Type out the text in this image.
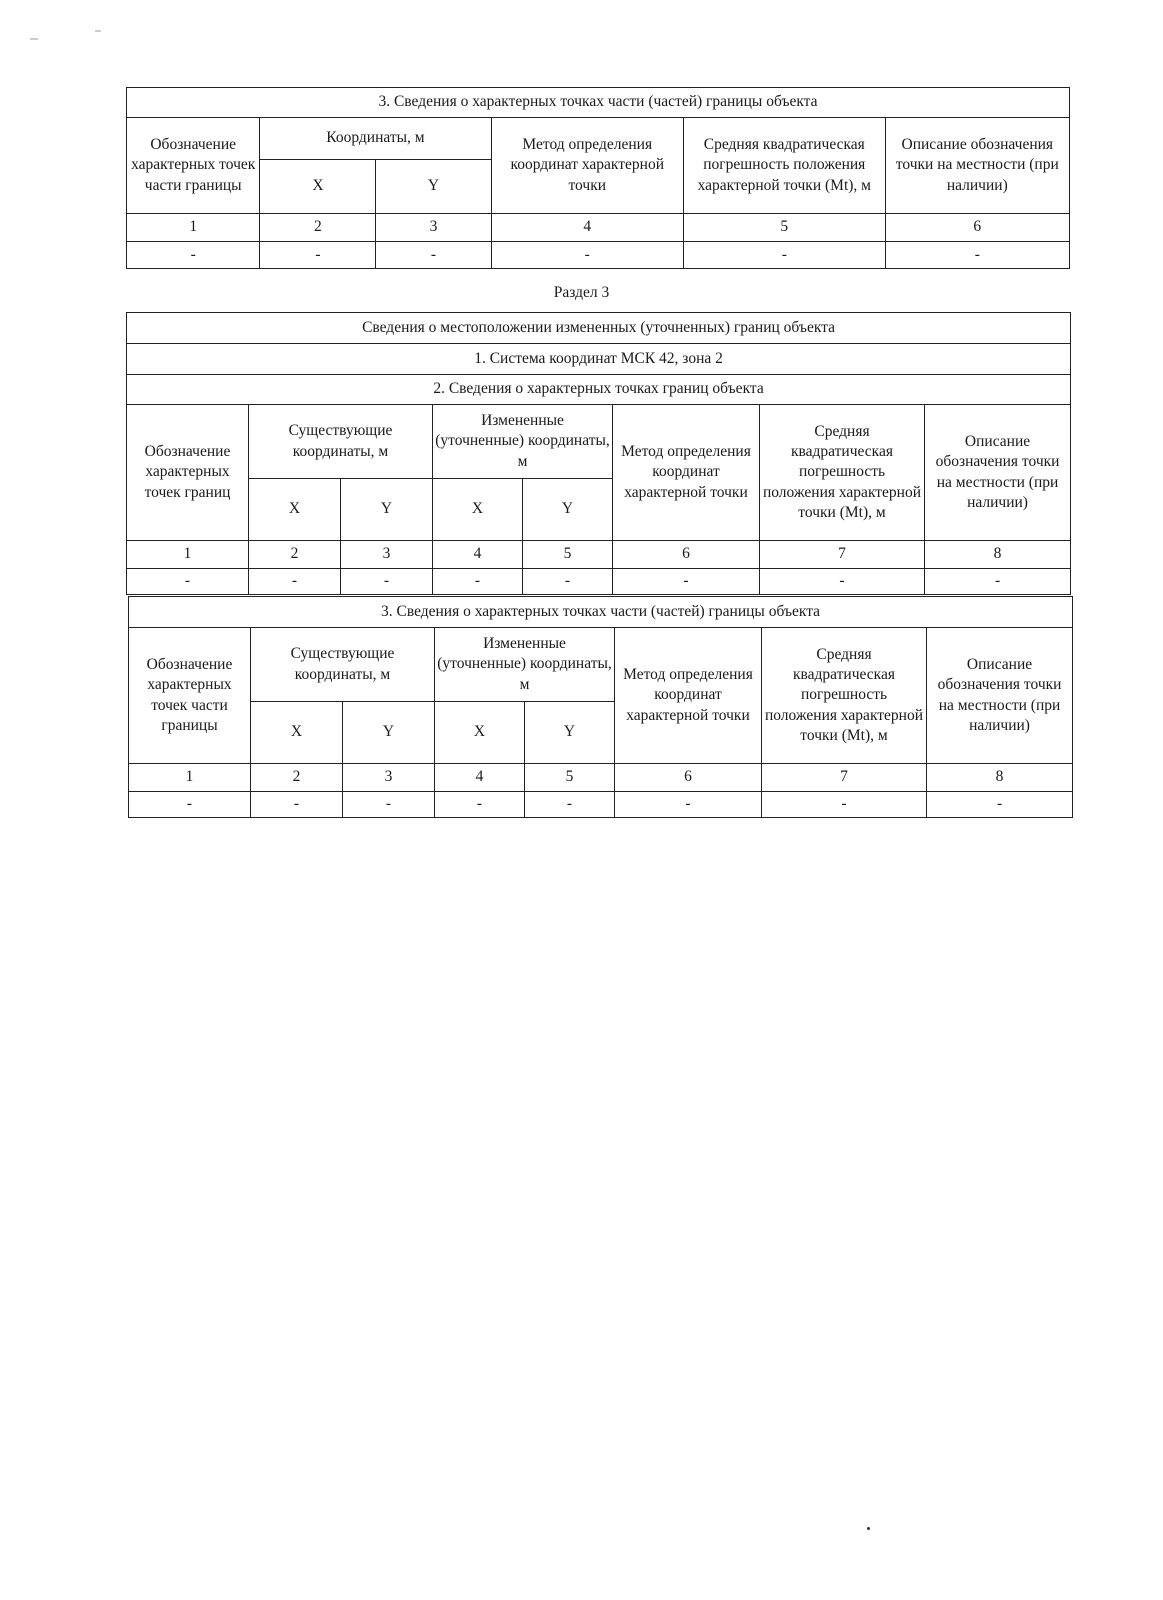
3. Сведения о характерных точках части (частей) границы объекта					
Обозначение характерных точек части границы	Координаты, м		Метод определения координат характерной точки	Средняя квадратическая погрешность положения характерной точки (Mt), м	Описание обозначения точки на местности (при наличии)
	X	Y			
1	2	3	4	5	6
-	-	-	-	-	-
Раздел 3
Сведения о местоположении измененных (уточненных) границ объекта							
1. Система координат МСК 42, зона 2							
2. Сведения о характерных точках границ объекта							
Обозначение характерных точек границ	Существующие координаты, м		Измененные (уточненные) координаты, м		Метод определения координат характерной точки	Средняя квадратическая погрешность положения характерной точки (Mt), м	Описание обозначения точки на местности (при наличии)
	X	Y	X	Y			
1	2	3	4	5	6	7	8
-	-	-	-	-	-	-	-
3. Сведения о характерных точках части (частей) границы объекта							
Обозначение характерных точек части границы	Существующие координаты, м		Измененные (уточненные) координаты, м		Метод определения координат характерной точки	Средняя квадратическая погрешность положения характерной точки (Mt), м	Описание обозначения точки на местности (при наличии)
	X	Y	X	Y			
1	2	3	4	5	6	7	8
-	-	-	-	-	-	-	-
